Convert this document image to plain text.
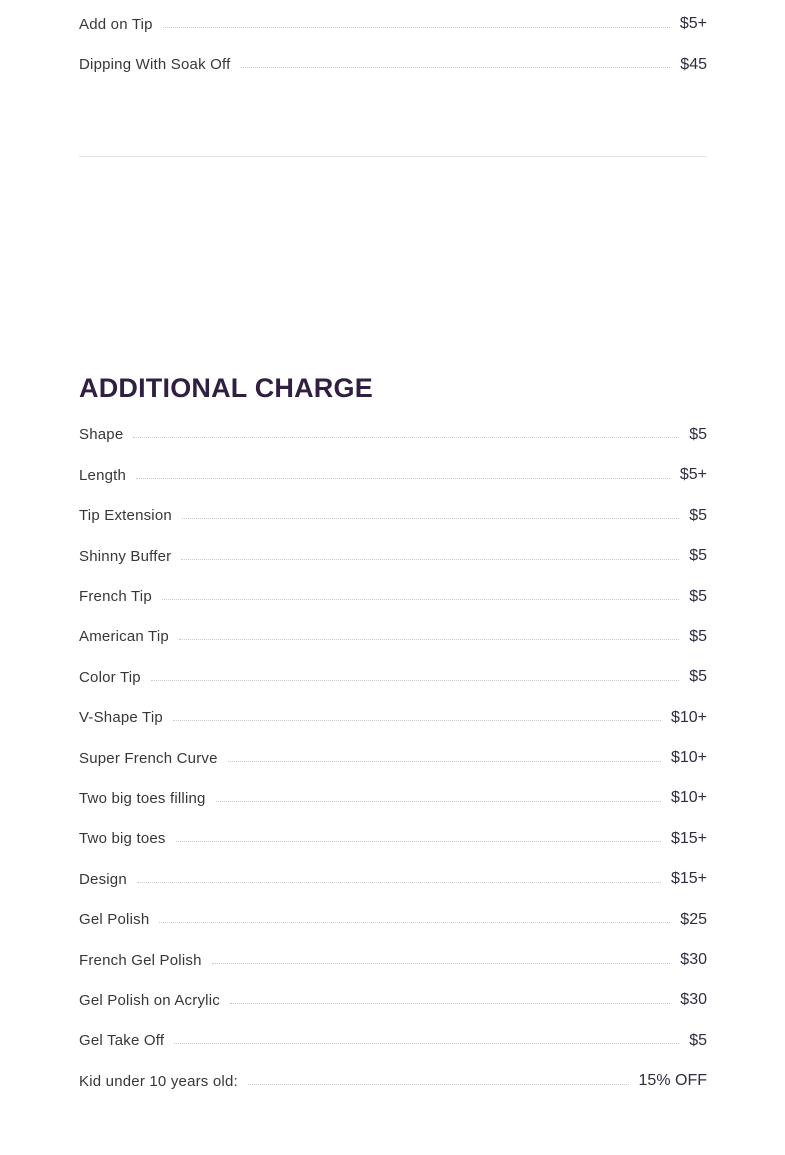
Add on Tip	$5+
Dipping With Soak Off	$45
ADDITIONAL CHARGE
Shape	$5
Length	$5+
Tip Extension	$5
Shinny Buffer	$5
French Tip	$5
American Tip	$5
Color Tip	$5
V-Shape Tip	$10+
Super French Curve	$10+
Two big toes filling	$10+
Two big toes	$15+
Design	$15+
Gel Polish	$25
French Gel Polish	$30
Gel Polish on Acrylic	$30
Gel Take Off	$5
Kid under 10 years old:	15% OFF
